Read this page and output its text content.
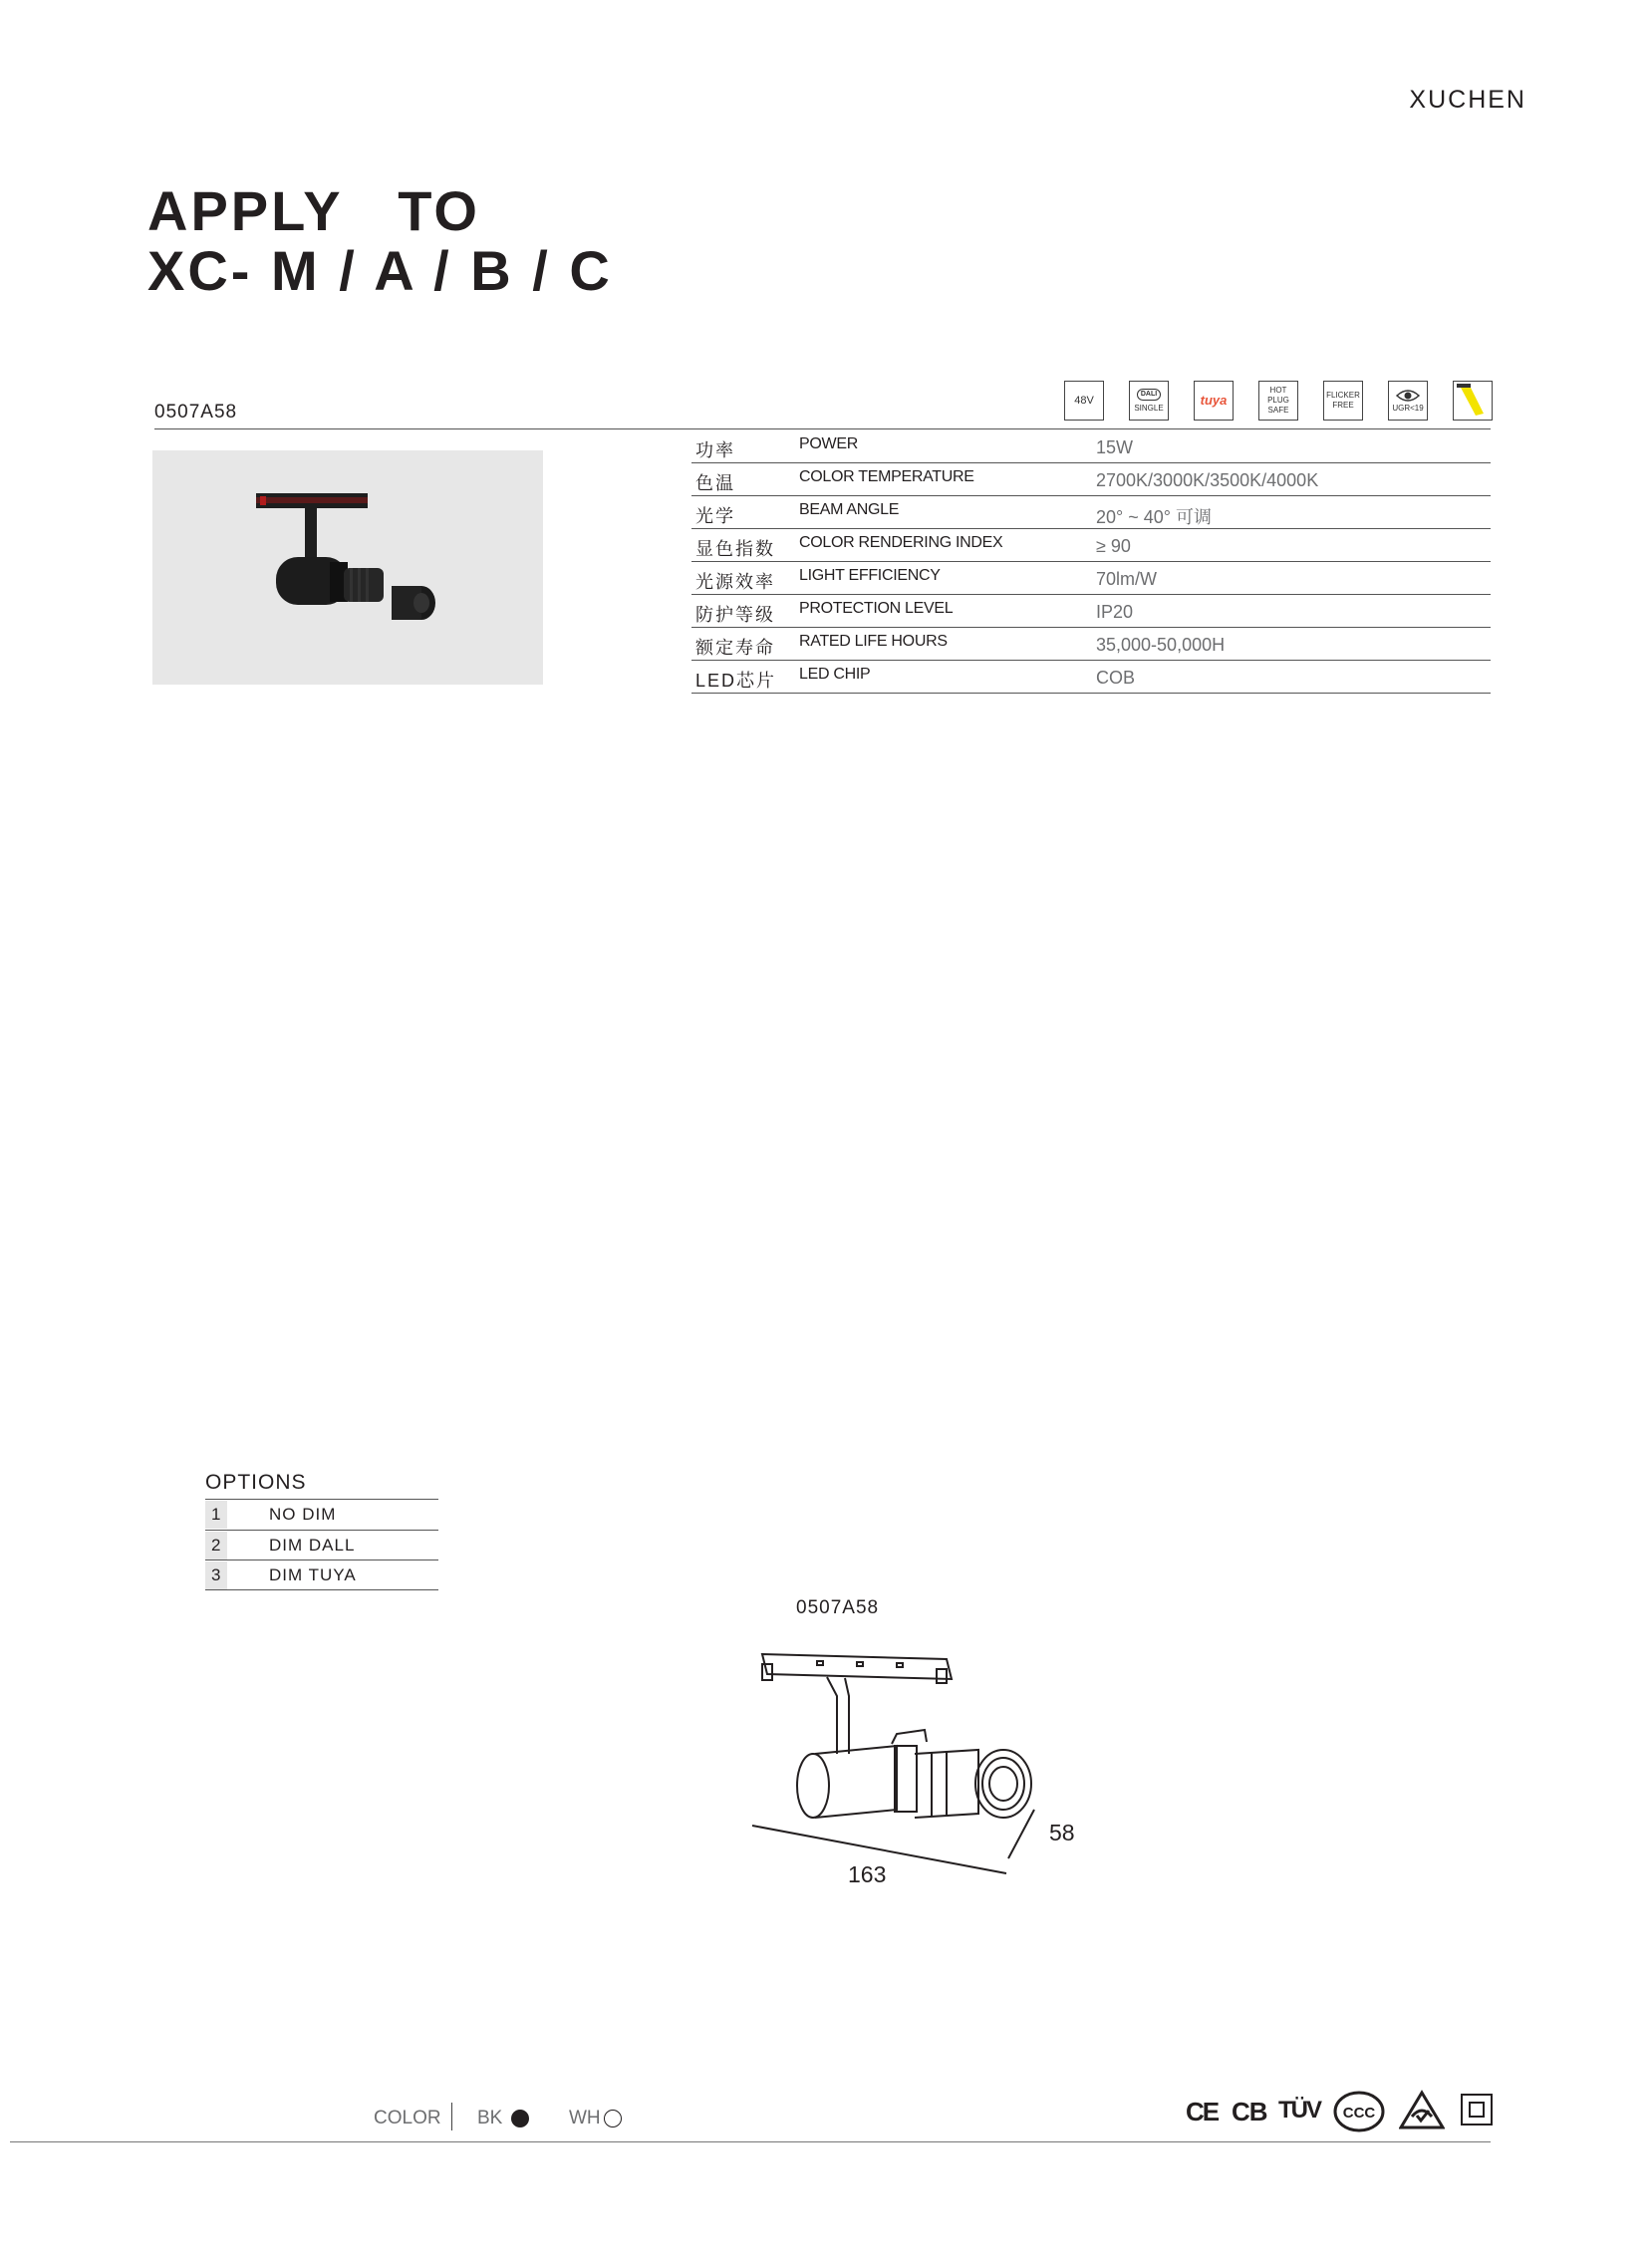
XUCHEN
APPLY   TO
XC- M / A / B / C
0507A58
48V
DALI
SINGLE	tuya
HOT
PLUG
SAFE
FLICKER
FREE	UGR<19
功率	POWER	15W
色温	COLOR TEMPERATURE	2700K/3000K/3500K/4000K
光学	BEAM ANGLE	20° ~ 40° 可调
显色指数 COLOR RENDERING INDEX	≥ 90
光源效率 LIGHT EFFICIENCY	70lm/W
防护等级 PROTECTION LEVEL	IP20
额定寿命 RATED LIFE HOURS	35,000-50,000H
LED芯片 LED CHIP	COB
OPTIONS
1	NO DIM
2	DIM DALL
3	DIM TUYA
0507A58
58
163
COLOR BK	WH	CE CB TÜV CCC
